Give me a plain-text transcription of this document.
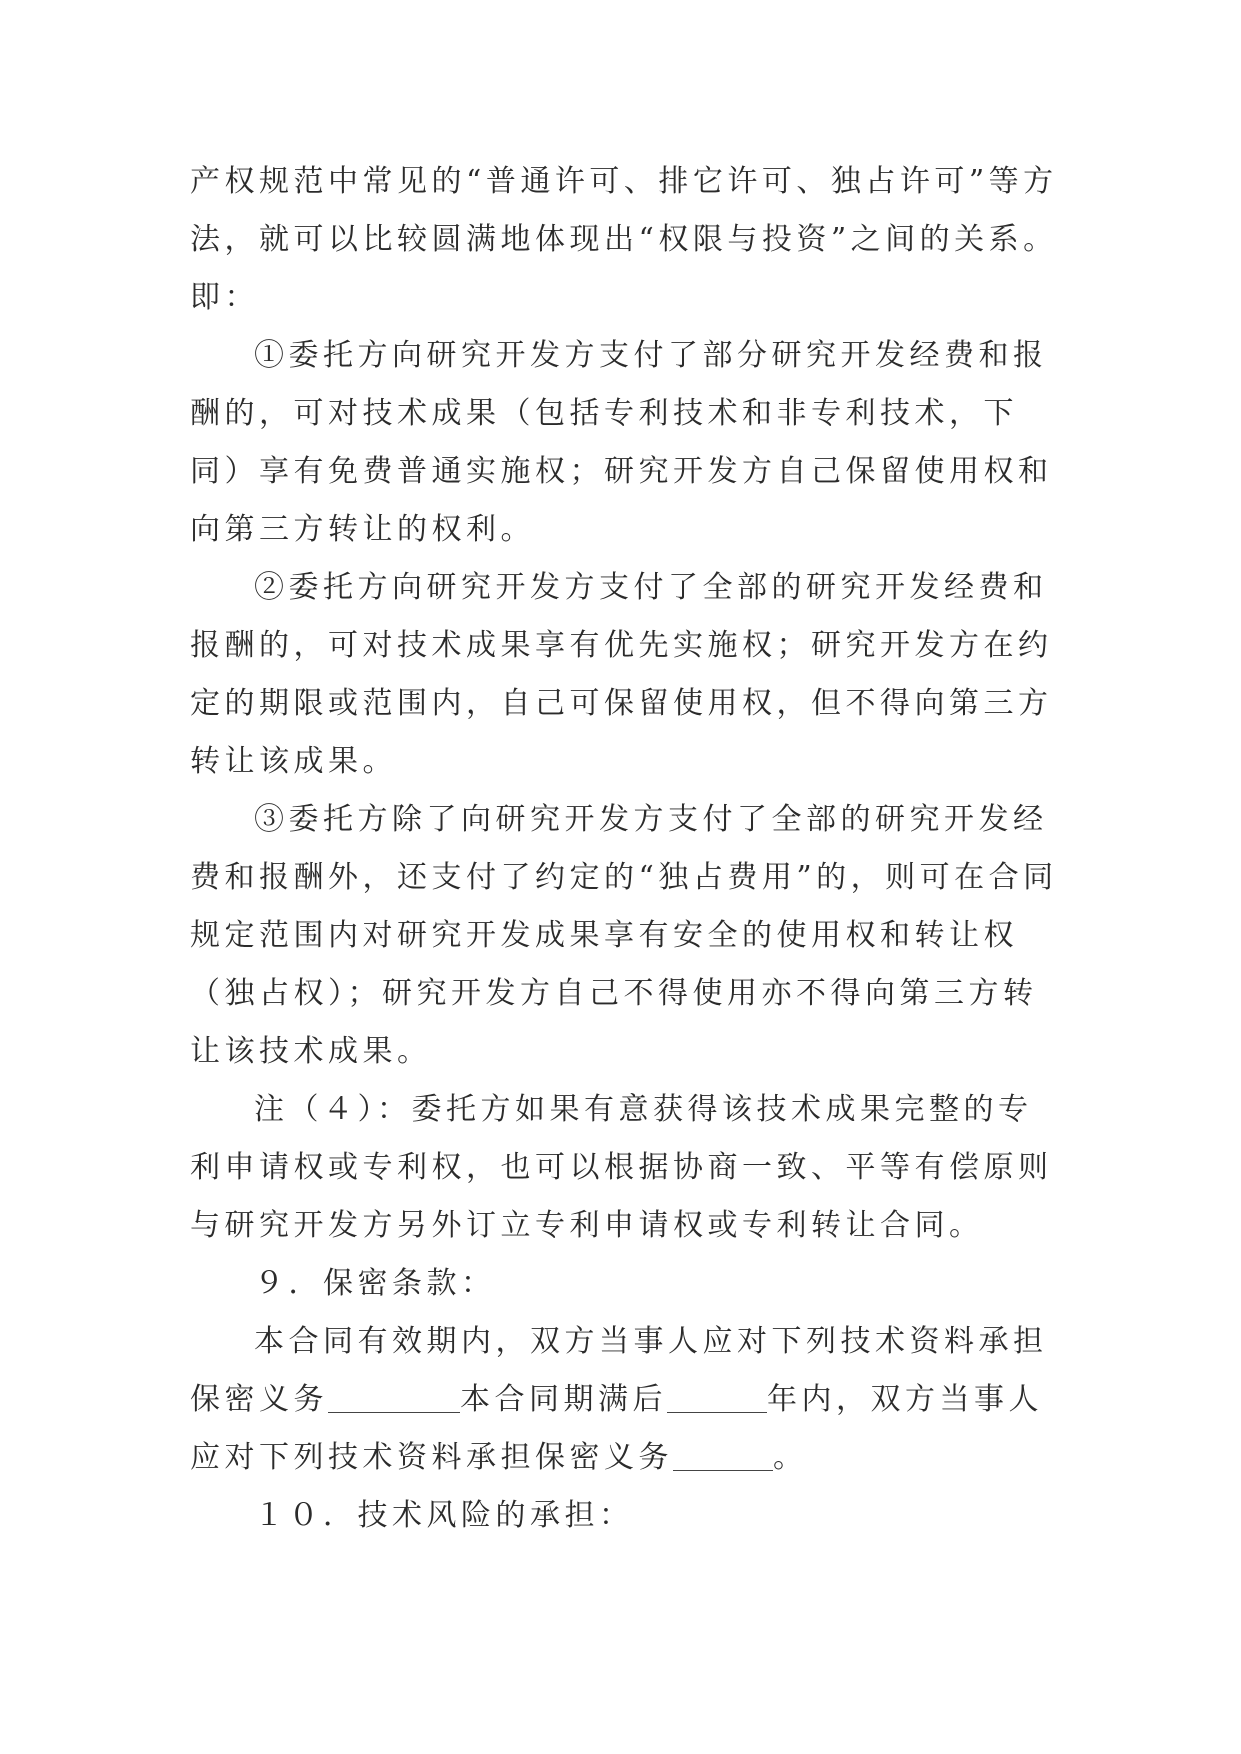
产权规范中常见的“普通许可、排它许可、独占许可”等方法，就可以比较圆满地体现出“权限与投资”之间的关系。即：

①委托方向研究开发方支付了部分研究开发经费和报酬的，可对技术成果（包括专利技术和非专利技术，下同）享有免费普通实施权；研究开发方自己保留使用权和向第三方转让的权利。

②委托方向研究开发方支付了全部的研究开发经费和报酬的，可对技术成果享有优先实施权；研究开发方在约定的期限或范围内，自己可保留使用权，但不得向第三方转让该成果。

③委托方除了向研究开发方支付了全部的研究开发经费和报酬外，还支付了约定的“独占费用”的，则可在合同规定范围内对研究开发成果享有安全的使用权和转让权（独占权）；研究开发方自己不得使用亦不得向第三方转让该技术成果。

注（４）：委托方如果有意获得该技术成果完整的专利申请权或专利权，也可以根据协商一致、平等有偿原则与研究开发方另外订立专利申请权或专利转让合同。

９．保密条款：

本合同有效期内，双方当事人应对下列技术资料承担保密义务	本合同期满后	年内，双方当事人应对下列技术资料承担保密义务	。

１０．技术风险的承担：
